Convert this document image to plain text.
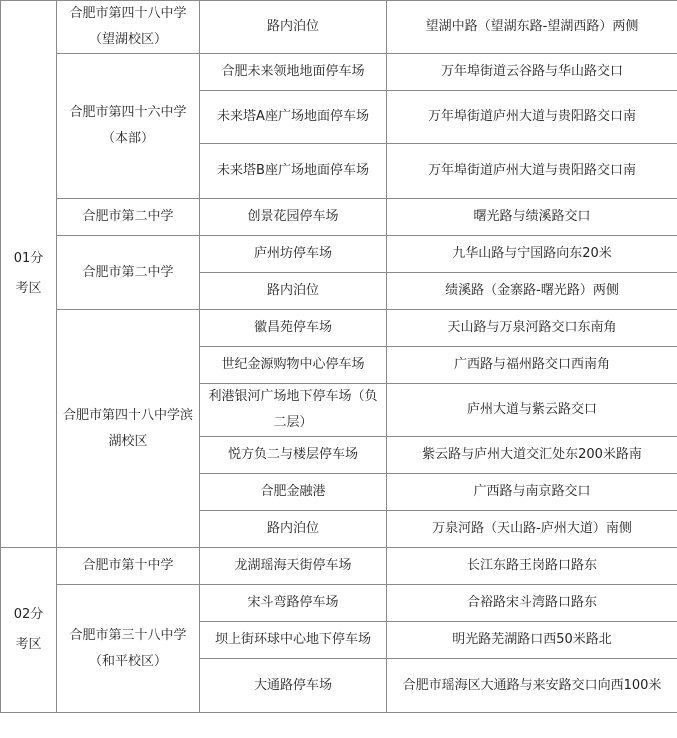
01分考区	合肥市第四十八中学（望湖校区）	路内泊位	望湖中路（望湖东路-望湖西路）两侧
	合肥市第四十六中学（本部）	合肥未来领地地面停车场	万年埠街道云谷路与华山路交口
		未来塔A座广场地面停车场	万年埠街道庐州大道与贵阳路交口南
		未来塔B座广场地面停车场	万年埠街道庐州大道与贵阳路交口南
	合肥市第二中学	创景花园停车场	曙光路与绩溪路交口
	合肥市第二中学	庐州坊停车场	九华山路与宁国路向东20米
		路内泊位	绩溪路（金寨路-曙光路）两侧
	合肥市第四十八中学滨湖校区	徽昌苑停车场	天山路与万泉河路交口东南角
		世纪金源购物中心停车场	广西路与福州路交口西南角
		利港银河广场地下停车场（负二层）	庐州大道与紫云路交口
		悦方负二与楼层停车场	紫云路与庐州大道交汇处东200米路南
		合肥金融港	广西路与南京路交口
		路内泊位	万泉河路（天山路-庐州大道）南侧
02分考区	合肥市第十中学	龙湖瑶海天街停车场	长江东路王岗路口路东
	合肥市第三十八中学（和平校区）	宋斗弯路停车场	合裕路宋斗湾路口路东
		坝上街环球中心地下停车场	明光路芜湖路口西50米路北
		大通路停车场	合肥市瑶海区大通路与来安路交口向西100米
